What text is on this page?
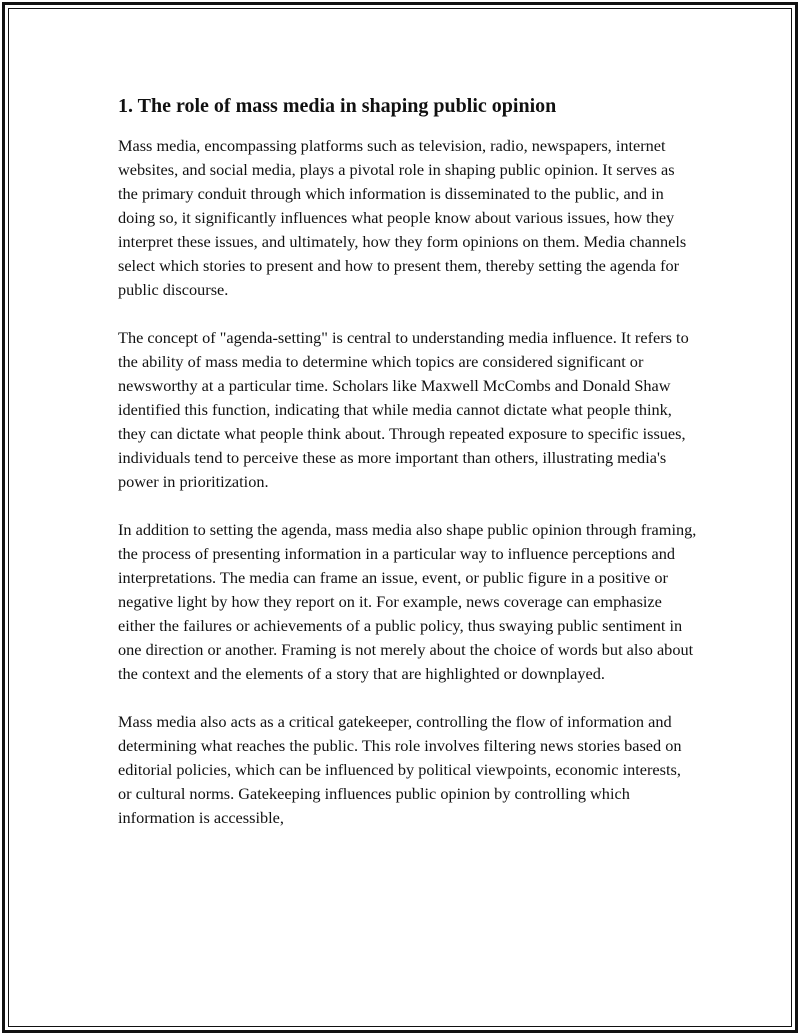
1. The role of mass media in shaping public opinion

Mass media, encompassing platforms such as television, radio, newspapers, internet websites, and social media, plays a pivotal role in shaping public opinion. It serves as the primary conduit through which information is disseminated to the public, and in doing so, it significantly influences what people know about various issues, how they interpret these issues, and ultimately, how they form opinions on them. Media channels select which stories to present and how to present them, thereby setting the agenda for public discourse.

The concept of "agenda-setting" is central to understanding media influence. It refers to the ability of mass media to determine which topics are considered significant or newsworthy at a particular time. Scholars like Maxwell McCombs and Donald Shaw identified this function, indicating that while media cannot dictate what people think, they can dictate what people think about. Through repeated exposure to specific issues, individuals tend to perceive these as more important than others, illustrating media's power in prioritization.

In addition to setting the agenda, mass media also shape public opinion through framing, the process of presenting information in a particular way to influence perceptions and interpretations. The media can frame an issue, event, or public figure in a positive or negative light by how they report on it. For example, news coverage can emphasize either the failures or achievements of a public policy, thus swaying public sentiment in one direction or another. Framing is not merely about the choice of words but also about the context and the elements of a story that are highlighted or downplayed.

Mass media also acts as a critical gatekeeper, controlling the flow of information and determining what reaches the public. This role involves filtering news stories based on editorial policies, which can be influenced by political viewpoints, economic interests, or cultural norms. Gatekeeping influences public opinion by controlling which information is accessible,
